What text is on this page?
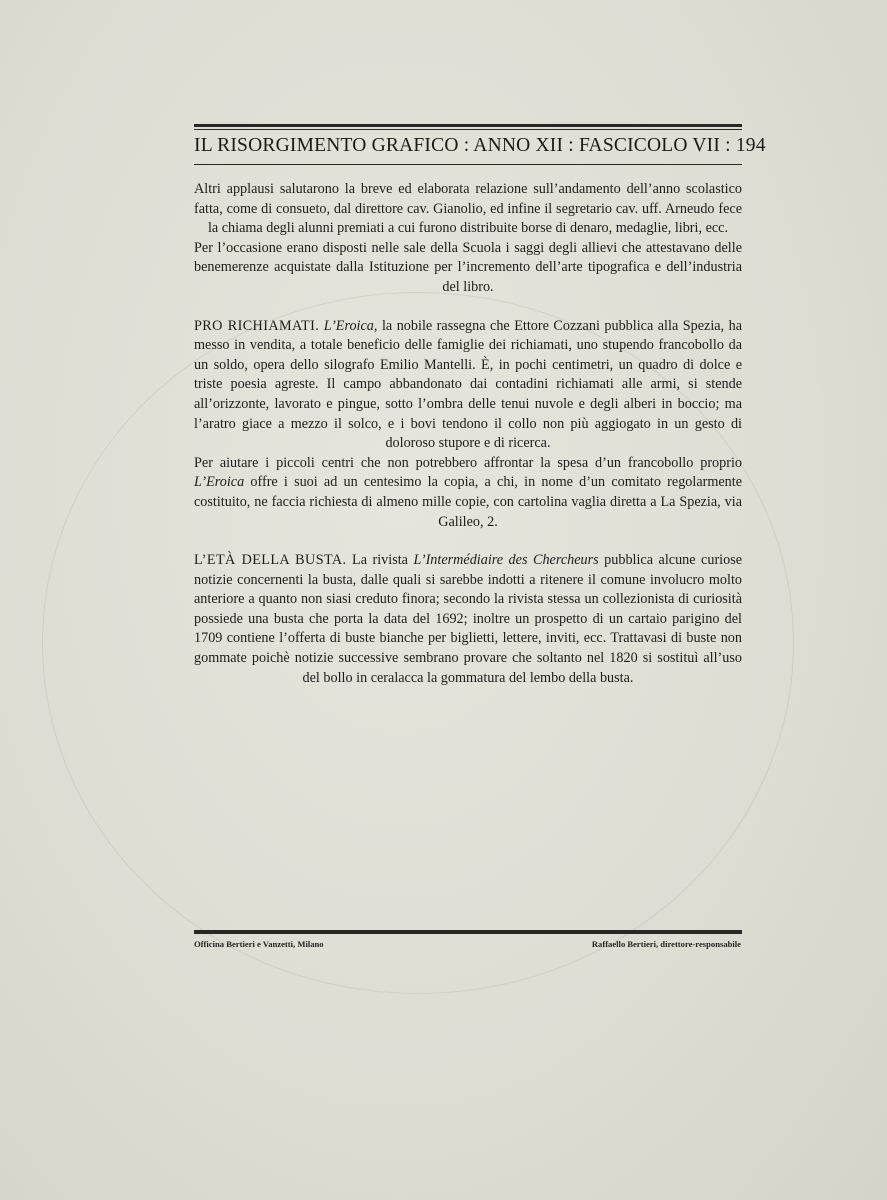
IL RISORGIMENTO GRAFICO : ANNO XII : FASCICOLO VII : 194

Altri applausi salutarono la breve ed elaborata relazione sull’andamento dell’anno scolastico fatta, come di consueto, dal direttore cav. Gianolio, ed infine il segretario cav. uff. Arneudo fece la chiama degli alunni premiati a cui furono distribuite borse di denaro, medaglie, libri, ecc.

Per l’occasione erano disposti nelle sale della Scuola i saggi degli allievi che attestavano delle benemerenze acquistate dalla Istituzione per l’incremento dell’arte tipografica e dell’industria del libro.

PRO RICHIAMATI. L’Eroica, la nobile rassegna che Ettore Cozzani pubblica alla Spezia, ha messo in vendita, a totale beneficio delle famiglie dei richiamati, uno stupendo francobollo da un soldo, opera dello silografo Emilio Mantelli. È, in pochi centimetri, un quadro di dolce e triste poesia agreste. Il campo abbandonato dai contadini richiamati alle armi, si stende all’orizzonte, lavorato e pingue, sotto l’ombra delle tenui nuvole e degli alberi in boccio; ma l’aratro giace a mezzo il solco, e i bovi tendono il collo non più aggiogato in un gesto di doloroso stupore e di ricerca.

Per aiutare i piccoli centri che non potrebbero affrontar la spesa d’un francobollo proprio L’Eroica offre i suoi ad un centesimo la copia, a chi, in nome d’un comitato regolarmente costituito, ne faccia richiesta di almeno mille copie, con cartolina vaglia diretta a La Spezia, via Galileo, 2.

L’ETÀ DELLA BUSTA. La rivista L’Intermédiaire des Chercheurs pubblica alcune curiose notizie concernenti la busta, dalle quali si sarebbe indotti a ritenere il comune involucro molto anteriore a quanto non siasi creduto finora; secondo la rivista stessa un collezionista di curiosità possiede una busta che porta la data del 1692; inoltre un prospetto di un cartaio parigino del 1709 contiene l’offerta di buste bianche per biglietti, lettere, inviti, ecc. Trattavasi di buste non gommate poichè notizie successive sembrano provare che soltanto nel 1820 si sostituì all’uso del bollo in ceralacca la gommatura del lembo della busta.

Officina Bertieri e Vanzetti, Milano	Raffaello Bertieri, direttore-responsabile
